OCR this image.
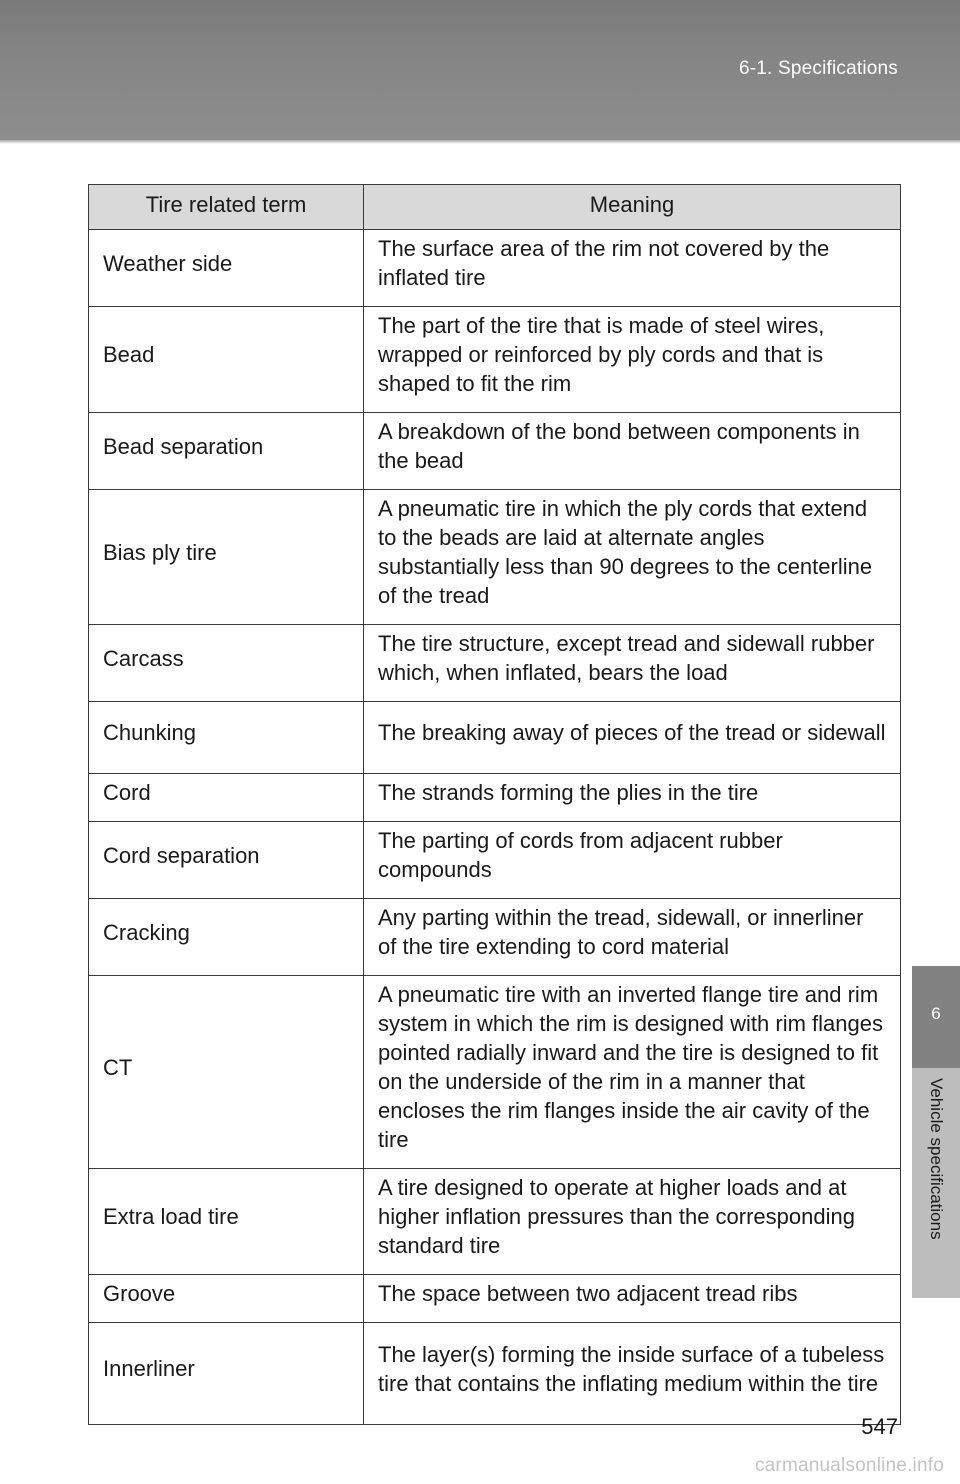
6-1. Specifications
6
Vehicle specifications
Tire related term	Meaning
Weather side	The surface area of the rim not covered by the inflated tire
Bead	The part of the tire that is made of steel wires, wrapped or reinforced by ply cords and that is shaped to fit the rim
Bead separation	A breakdown of the bond between components in the bead
Bias ply tire	A pneumatic tire in which the ply cords that extend to the beads are laid at alternate angles substantially less than 90 degrees to the centerline of the tread
Carcass	The tire structure, except tread and sidewall rubber which, when inflated, bears the load
Chunking	The breaking away of pieces of the tread or sidewall
Cord	The strands forming the plies in the tire
Cord separation	The parting of cords from adjacent rubber compounds
Cracking	Any parting within the tread, sidewall, or innerliner of the tire extending to cord material
CT	A pneumatic tire with an inverted flange tire and rim system in which the rim is designed with rim flanges pointed radially inward and the tire is designed to fit on the underside of the rim in a manner that encloses the rim flanges inside the air cavity of the tire
Extra load tire	A tire designed to operate at higher loads and at higher inflation pressures than the corresponding standard tire
Groove	The space between two adjacent tread ribs
Innerliner	The layer(s) forming the inside surface of a tubeless tire that contains the inflating medium within the tire
547
carmanualsonline.info
